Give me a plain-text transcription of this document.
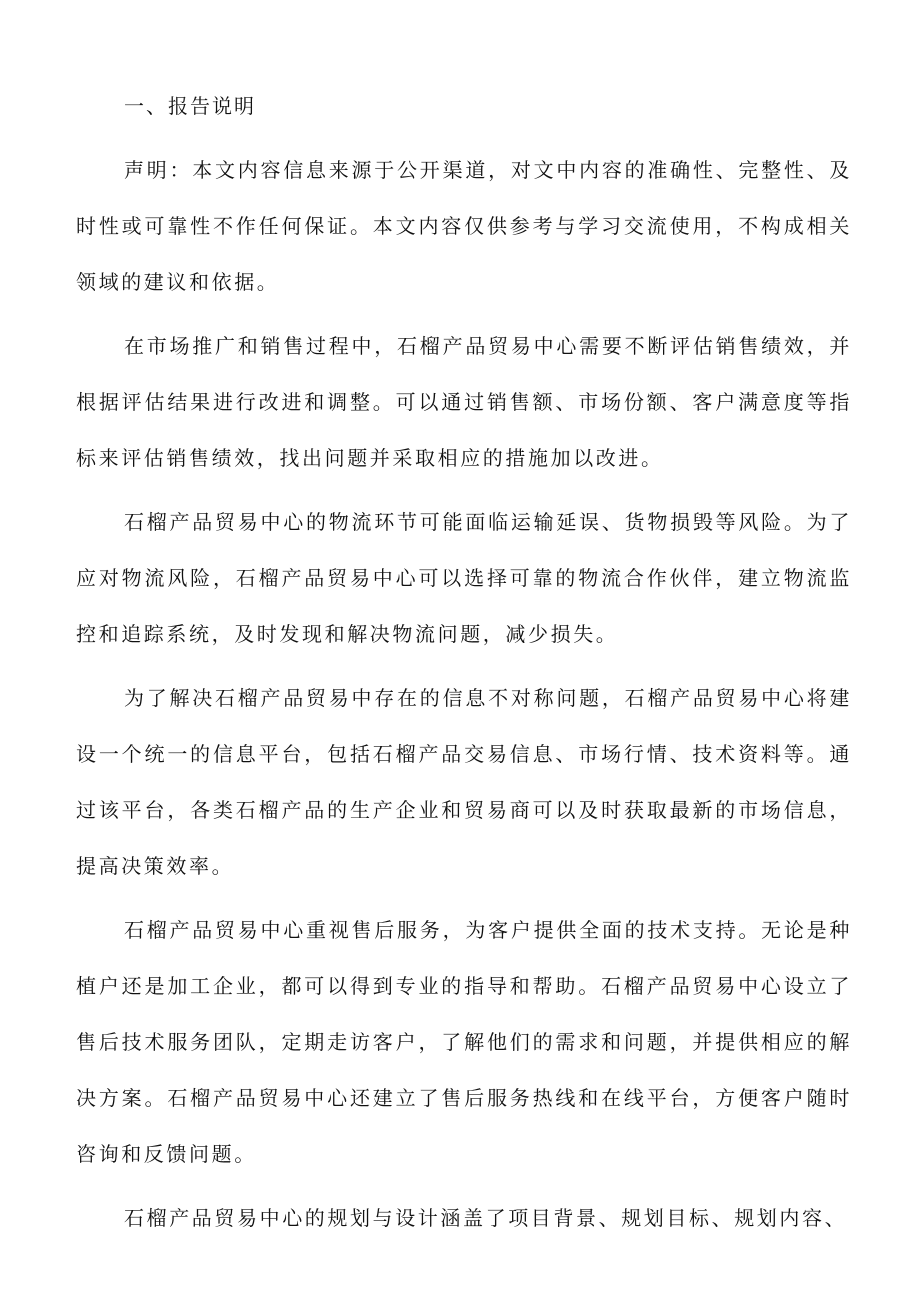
一、报告说明

声明：本文内容信息来源于公开渠道，对文中内容的准确性、完整性、及时性或可靠性不作任何保证。本文内容仅供参考与学习交流使用，不构成相关领域的建议和依据。

在市场推广和销售过程中，石榴产品贸易中心需要不断评估销售绩效，并根据评估结果进行改进和调整。可以通过销售额、市场份额、客户满意度等指标来评估销售绩效，找出问题并采取相应的措施加以改进。

石榴产品贸易中心的物流环节可能面临运输延误、货物损毁等风险。为了应对物流风险，石榴产品贸易中心可以选择可靠的物流合作伙伴，建立物流监控和追踪系统，及时发现和解决物流问题，减少损失。

为了解决石榴产品贸易中存在的信息不对称问题，石榴产品贸易中心将建设一个统一的信息平台，包括石榴产品交易信息、市场行情、技术资料等。通过该平台，各类石榴产品的生产企业和贸易商可以及时获取最新的市场信息，提高决策效率。

石榴产品贸易中心重视售后服务，为客户提供全面的技术支持。无论是种植户还是加工企业，都可以得到专业的指导和帮助。石榴产品贸易中心设立了售后技术服务团队，定期走访客户，了解他们的需求和问题，并提供相应的解决方案。石榴产品贸易中心还建立了售后服务热线和在线平台，方便客户随时咨询和反馈问题。

石榴产品贸易中心的规划与设计涵盖了项目背景、规划目标、规划内容、
